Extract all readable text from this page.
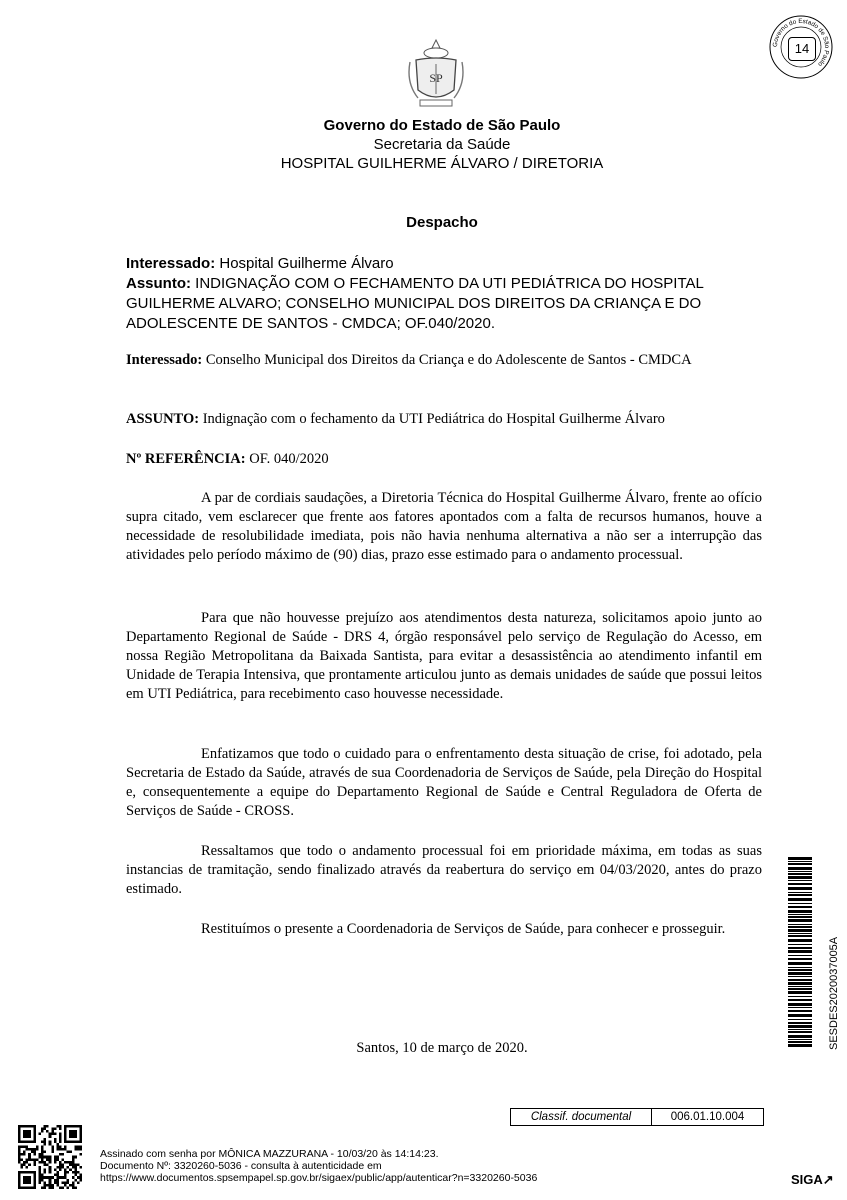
SP
Governo do Estado de São Paulo
14
Governo do Estado de São Paulo
Secretaria da Saúde
HOSPITAL GUILHERME ÁLVARO / DIRETORIA
Despacho
Interessado: Hospital Guilherme Álvaro
Assunto: INDIGNAÇÃO COM O FECHAMENTO DA UTI PEDIÁTRICA DO HOSPITAL GUILHERME ALVARO; CONSELHO MUNICIPAL DOS DIREITOS DA CRIANÇA E DO ADOLESCENTE DE SANTOS - CMDCA; OF.040/2020.
Interessado: Conselho Municipal dos Direitos da Criança e do Adolescente de Santos - CMDCA
ASSUNTO: Indignação com o fechamento da UTI Pediátrica do Hospital Guilherme Álvaro
Nº REFERÊNCIA: OF. 040/2020
A par de cordiais saudações, a Diretoria Técnica do Hospital Guilherme Álvaro, frente ao ofício supra citado, vem esclarecer que frente aos fatores apontados com a falta de recursos humanos, houve a necessidade de resolubilidade imediata, pois não havia nenhuma alternativa a não ser a interrupção das atividades pelo período máximo de (90) dias, prazo esse estimado para o andamento processual.
Para que não houvesse prejuízo aos atendimentos desta natureza, solicitamos apoio junto ao Departamento Regional de Saúde - DRS 4, órgão responsável pelo serviço de Regulação do Acesso, em nossa Região Metropolitana da Baixada Santista, para evitar a desassistência ao atendimento infantil em Unidade de Terapia Intensiva, que prontamente articulou junto as demais unidades de saúde que possui leitos em UTI Pediátrica, para recebimento caso houvesse necessidade.
Enfatizamos que todo o cuidado para o enfrentamento desta situação de crise, foi adotado, pela Secretaria de Estado da Saúde, através de sua Coordenadoria de Serviços de Saúde, pela Direção do Hospital e, consequentemente a equipe do Departamento Regional de Saúde e Central Reguladora de Oferta de Serviços de Saúde - CROSS.
Ressaltamos que todo o andamento processual foi em prioridade máxima, em todas as suas instancias de tramitação, sendo finalizado através da reabertura do serviço em 04/03/2020, antes do prazo estimado.
Restituímos o presente a Coordenadoria de Serviços de Saúde, para conhecer e prosseguir.
Santos, 10 de março de 2020.
Classif. documental	006.01.10.004
SESDES2020037005A
Assinado com senha por MÔNICA MAZZURANA - 10/03/20 às 14:14:23.
Documento Nº: 3320260-5036 - consulta à autenticidade em
https://www.documentos.spsempapel.sp.gov.br/sigaex/public/app/autenticar?n=3320260-5036	SIGA↗
